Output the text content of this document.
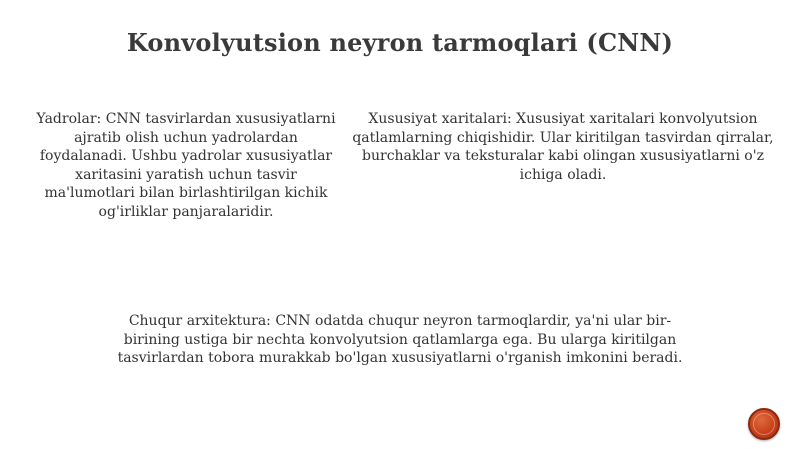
Konvolyutsion neyron tarmoqlari (CNN)
Yadrolar: CNN tasvirlardan xususiyatlarni ajratib olish uchun yadrolardan foydalanadi. Ushbu yadrolar xususiyatlar xaritasini yaratish uchun tasvir ma'lumotlari bilan birlashtirilgan kichik og'irliklar panjaralaridir.
Xususiyat xaritalari: Xususiyat xaritalari konvolyutsion qatlamlarning chiqishidir. Ular kiritilgan tasvirdan qirralar, burchaklar va teksturalar kabi olingan xususiyatlarni o'z ichiga oladi.
Chuqur arxitektura: CNN odatda chuqur neyron tarmoqlardir, ya'ni ular bir-birining ustiga bir nechta konvolyutsion qatlamlarga ega. Bu ularga kiritilgan tasvirlardan tobora murakkab bo'lgan xususiyatlarni o'rganish imkonini beradi.
